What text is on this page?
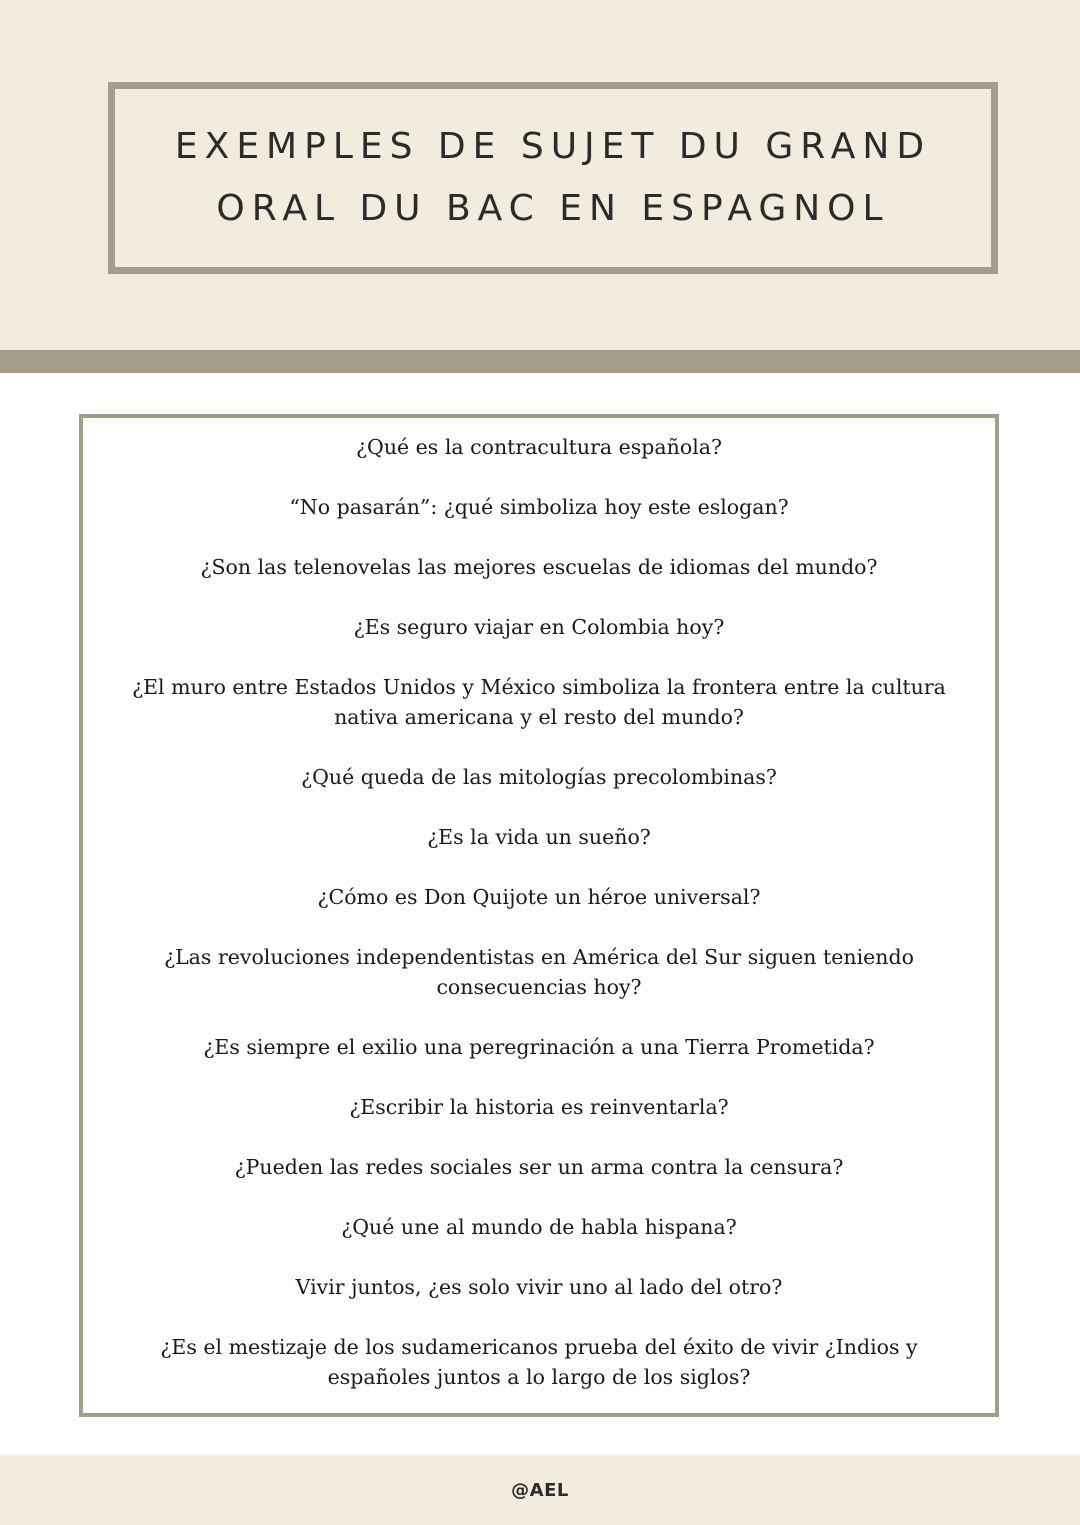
EXEMPLES DE SUJET DU GRAND
ORAL DU BAC EN ESPAGNOL
¿Qué es la contracultura española?
“No pasarán”: ¿qué simboliza hoy este eslogan?
¿Son las telenovelas las mejores escuelas de idiomas del mundo?
¿Es seguro viajar en Colombia hoy?
¿El muro entre Estados Unidos y México simboliza la frontera entre la cultura nativa americana y el resto del mundo?
¿Qué queda de las mitologías precolombinas?
¿Es la vida un sueño?
¿Cómo es Don Quijote un héroe universal?
¿Las revoluciones independentistas en América del Sur siguen teniendo consecuencias hoy?
¿Es siempre el exilio una peregrinación a una Tierra Prometida?
¿Escribir la historia es reinventarla?
¿Pueden las redes sociales ser un arma contra la censura?
¿Qué une al mundo de habla hispana?
Vivir juntos, ¿es solo vivir uno al lado del otro?
¿Es el mestizaje de los sudamericanos prueba del éxito de vivir ¿Indios y españoles juntos a lo largo de los siglos?
@AEL
